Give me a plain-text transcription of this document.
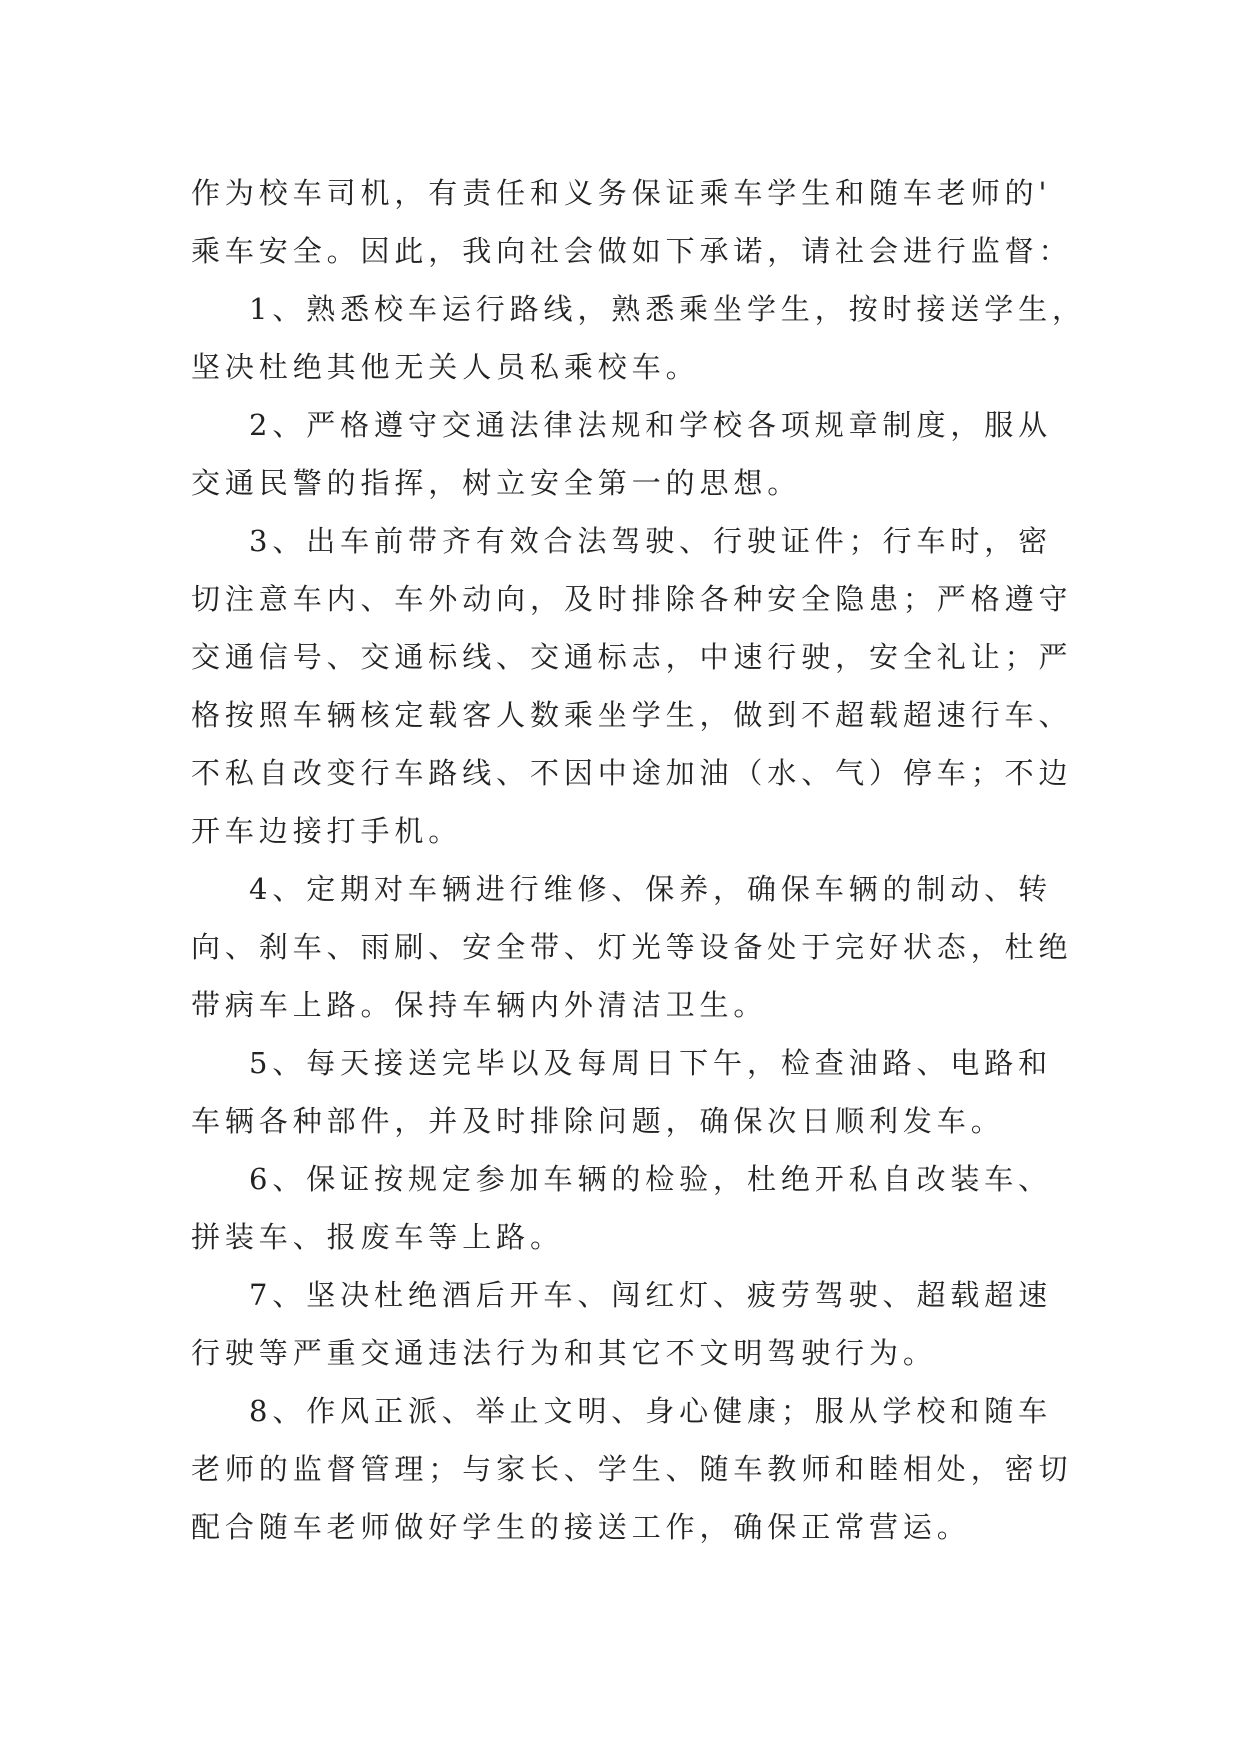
作为校车司机，有责任和义务保证乘车学生和随车老师的'
乘车安全。因此，我向社会做如下承诺，请社会进行监督：

1、熟悉校车运行路线，熟悉乘坐学生，按时接送学生，
坚决杜绝其他无关人员私乘校车。

2、严格遵守交通法律法规和学校各项规章制度，服从
交通民警的指挥，树立安全第一的思想。

3、出车前带齐有效合法驾驶、行驶证件；行车时，密
切注意车内、车外动向，及时排除各种安全隐患；严格遵守
交通信号、交通标线、交通标志，中速行驶，安全礼让；严
格按照车辆核定载客人数乘坐学生，做到不超载超速行车、
不私自改变行车路线、不因中途加油（水、气）停车；不边
开车边接打手机。

4、定期对车辆进行维修、保养，确保车辆的制动、转
向、刹车、雨刷、安全带、灯光等设备处于完好状态，杜绝
带病车上路。保持车辆内外清洁卫生。

5、每天接送完毕以及每周日下午，检查油路、电路和
车辆各种部件，并及时排除问题，确保次日顺利发车。

6、保证按规定参加车辆的检验，杜绝开私自改装车、
拼装车、报废车等上路。

7、坚决杜绝酒后开车、闯红灯、疲劳驾驶、超载超速
行驶等严重交通违法行为和其它不文明驾驶行为。

8、作风正派、举止文明、身心健康；服从学校和随车
老师的监督管理；与家长、学生、随车教师和睦相处，密切
配合随车老师做好学生的接送工作，确保正常营运。
